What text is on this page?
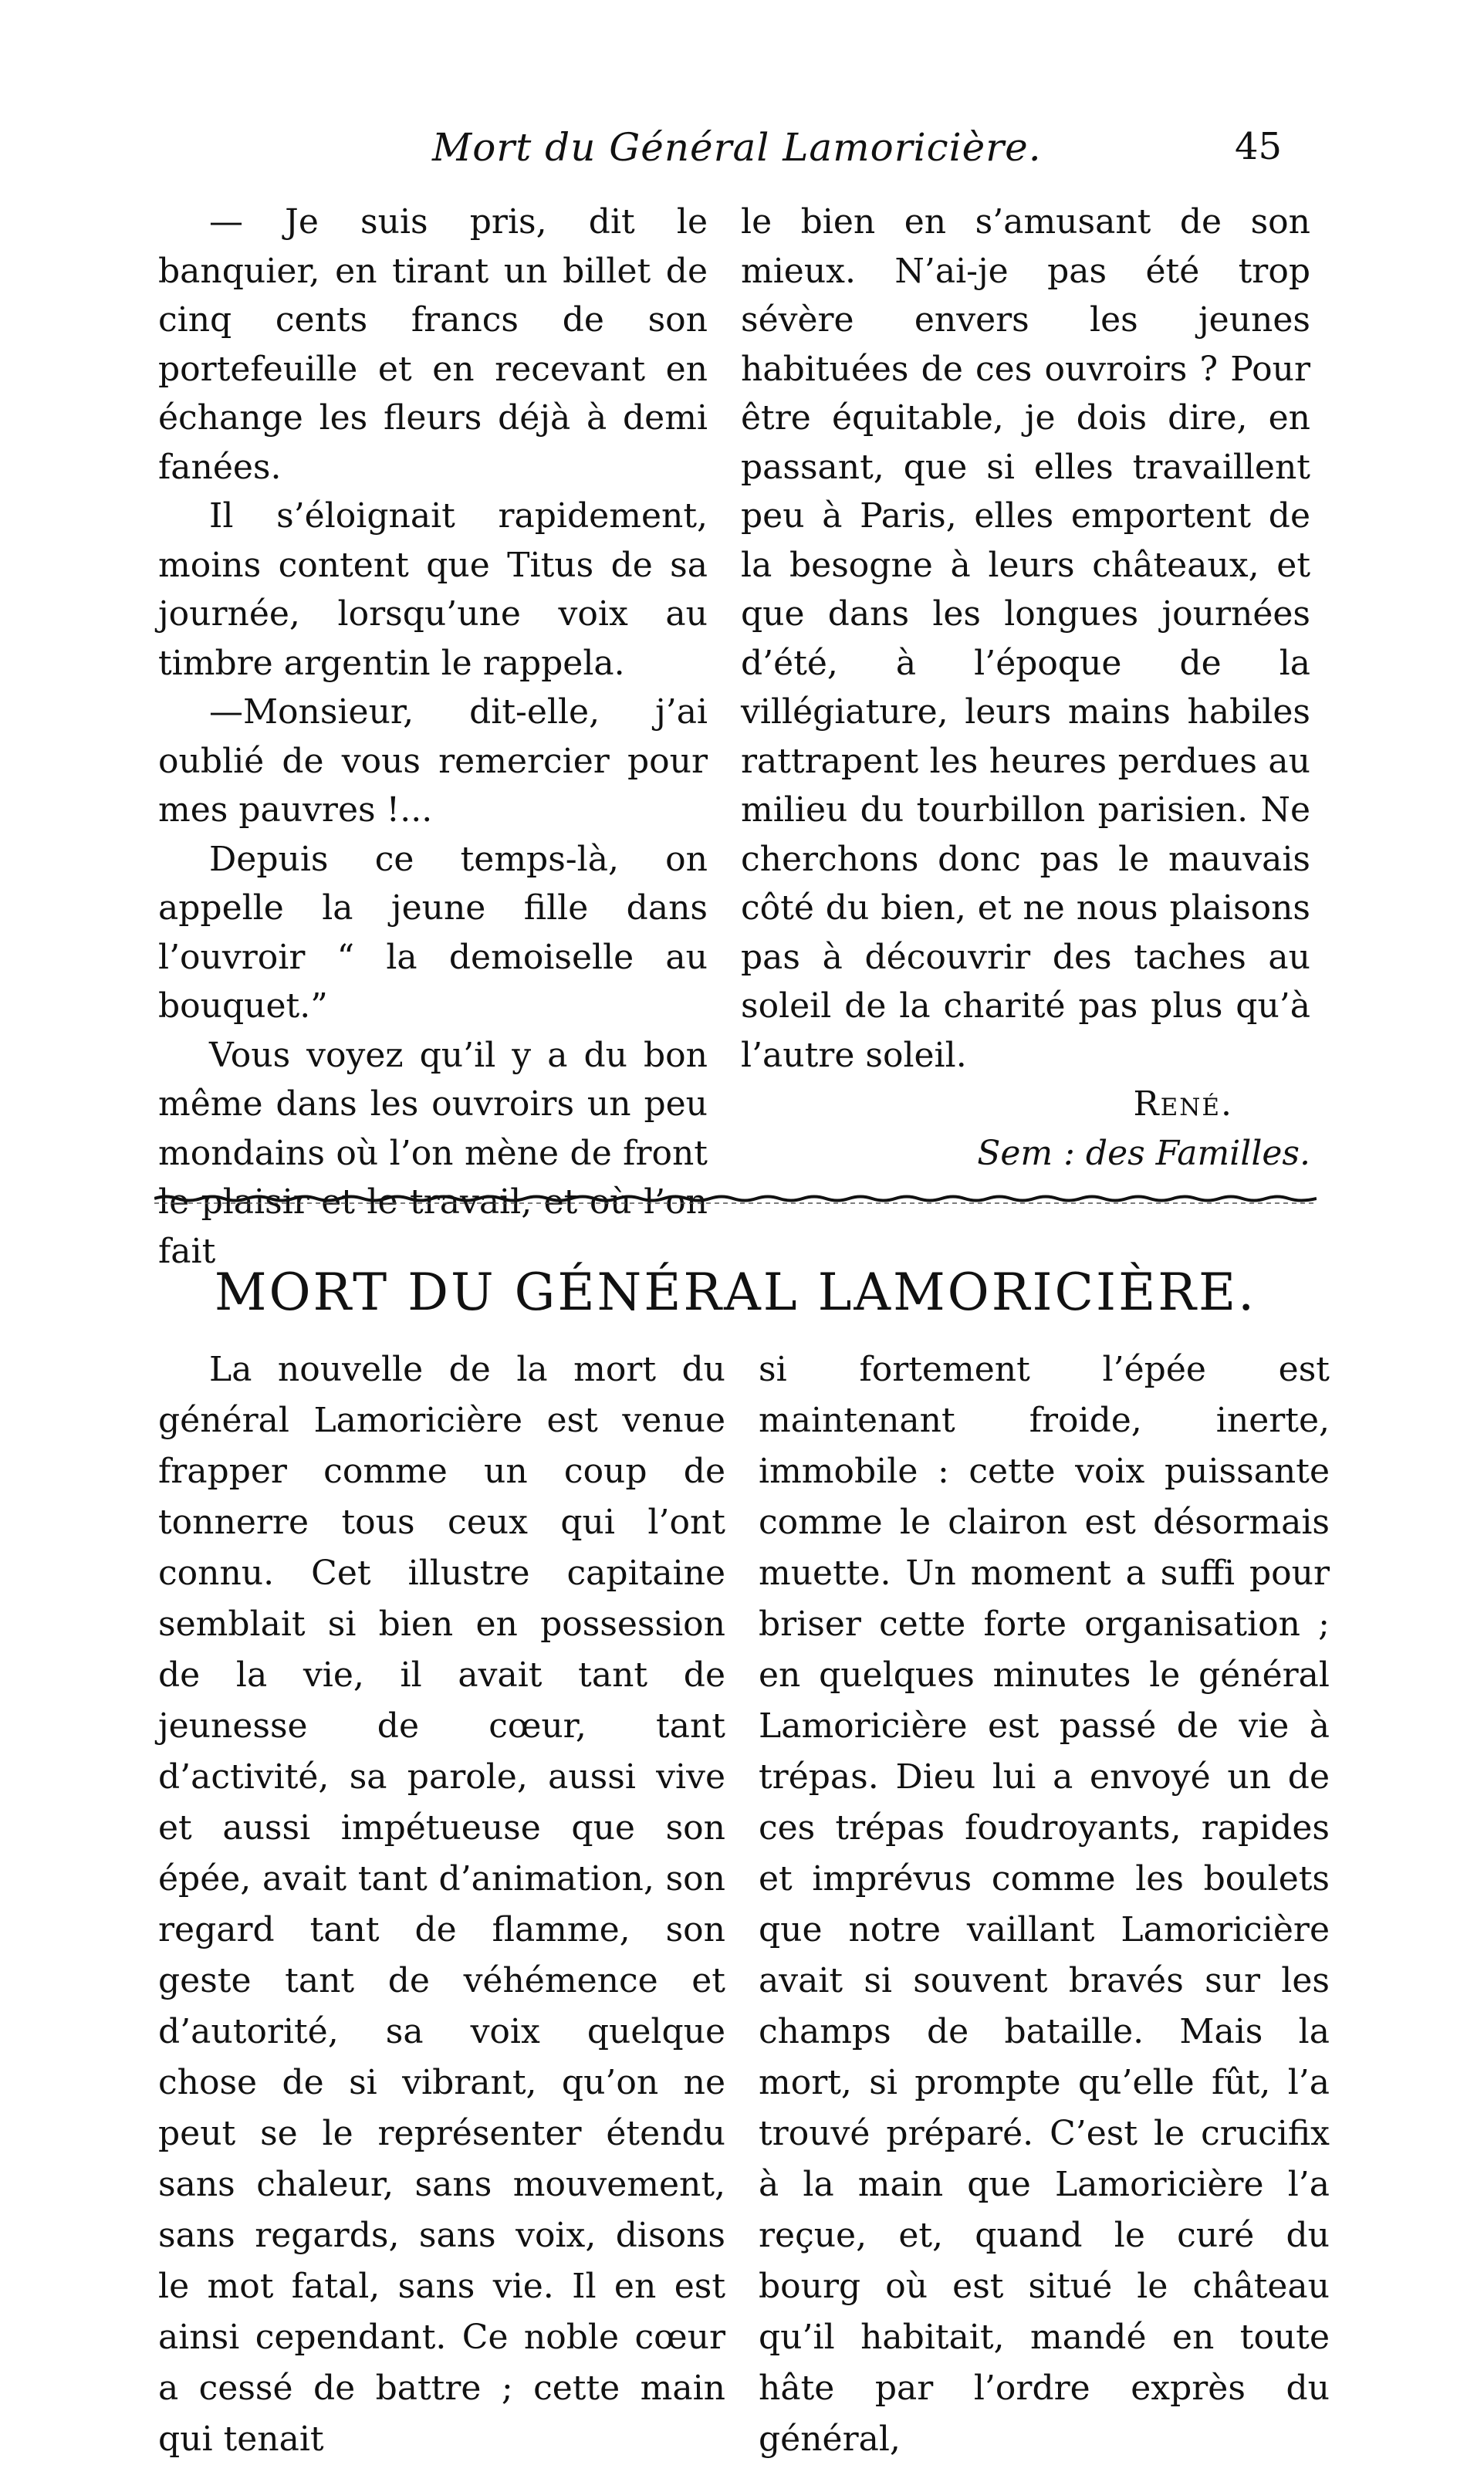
Mort du Général Lamoricière.	45

— Je suis pris, dit le banquier, en tirant un billet de cinq cents francs de son portefeuille et en recevant en échange les fleurs déjà à demi fanées.

Il s’éloignait rapidement, moins content que Titus de sa journée, lorsqu’une voix au timbre argentin le rappela.

—Monsieur, dit-elle, j’ai oublié de vous remercier pour mes pauvres !...

Depuis ce temps-là, on appelle la jeune fille dans l’ouvroir “ la demoiselle au bouquet.”

Vous voyez qu’il y a du bon même dans les ouvroirs un peu mondains où l’on mène de front le plaisir et le travail, et où l’on fait

le bien en s’amusant de son mieux. N’ai-je pas été trop sévère envers les jeunes habituées de ces ouvroirs ? Pour être équitable, je dois dire, en passant, que si elles travaillent peu à Paris, elles emportent de la besogne à leurs châteaux, et que dans les longues journées d’été, à l’époque de la villégiature, leurs mains habiles rattrapent les heures perdues au milieu du tourbillon parisien. Ne cherchons donc pas le mauvais côté du bien, et ne nous plaisons pas à découvrir des taches au soleil de la charité pas plus qu’à l’autre soleil.

René.

Sem : des Familles.

MORT DU GÉNÉRAL LAMORICIÈRE.

La nouvelle de la mort du général Lamoricière est venue frapper comme un coup de tonnerre tous ceux qui l’ont connu. Cet illustre capitaine semblait si bien en possession de la vie, il avait tant de jeunesse de cœur, tant d’activité, sa parole, aussi vive et aussi impétueuse que son épée, avait tant d’animation, son regard tant de flamme, son geste tant de véhémence et d’autorité, sa voix quelque chose de si vibrant, qu’on ne peut se le représenter étendu sans chaleur, sans mouvement, sans regards, sans voix, disons le mot fatal, sans vie. Il en est ainsi cependant. Ce noble cœur a cessé de battre ; cette main qui tenait

si fortement l’épée est maintenant froide, inerte, immobile : cette voix puissante comme le clairon est désormais muette. Un moment a suffi pour briser cette forte organisation ; en quelques minutes le général Lamoricière est passé de vie à trépas. Dieu lui a envoyé un de ces trépas foudroyants, rapides et imprévus comme les boulets que notre vaillant Lamoricière avait si souvent bravés sur les champs de bataille. Mais la mort, si prompte qu’elle fût, l’a trouvé préparé. C’est le crucifix à la main que Lamoricière l’a reçue, et, quand le curé du bourg où est situé le château qu’il habitait, mandé en toute hâte par l’ordre exprès du général,
